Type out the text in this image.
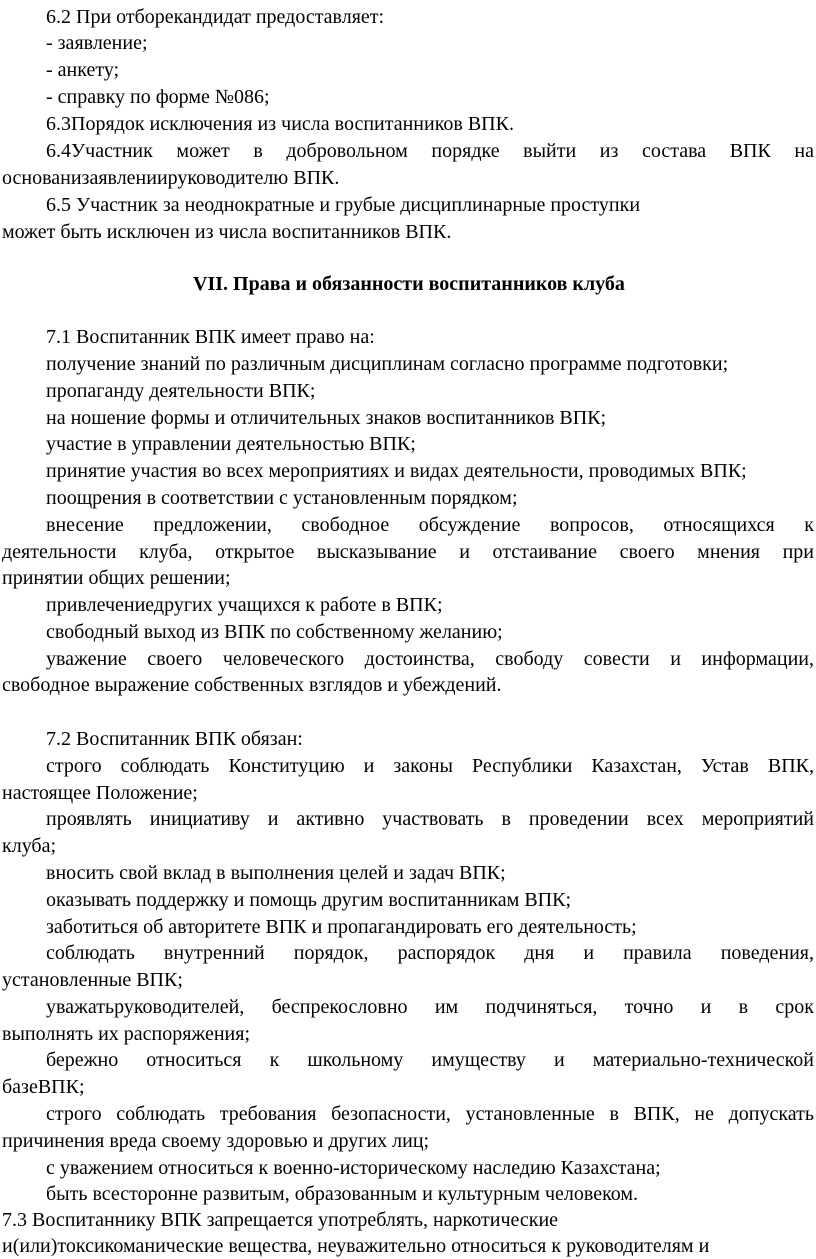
6.2 При отборекандидат предоставляет:

- заявление;

- анкету;

- справку по форме №086;

6.3Порядок исключения из числа воспитанников ВПК.

6.4Участник может в добровольном порядке выйти из состава ВПК на

основанизаявлениируководителю ВПК.

6.5 Участник за неоднократные и грубые дисциплинарные проступки

может быть исключен из числа воспитанников ВПК.

VII. Права и обязанности воспитанников клуба

7.1 Воспитанник ВПК имеет право на:

получение знаний по различным дисциплинам согласно программе подготовки;

пропаганду деятельности ВПК;

на ношение формы и отличительных знаков воспитанников ВПК;

участие в управлении деятельностью ВПК;

принятие участия во всех мероприятиях и видах деятельности, проводимых ВПК;

поощрения в соответствии с установленным порядком;

внесение предложении, свободное обсуждение вопросов, относящихся к

деятельности клуба, открытое высказывание и отстаивание своего мнения при

принятии общих решении;

привлечениедругих учащихся к работе в ВПК;

свободный выход из ВПК по собственному желанию;

уважение своего человеческого достоинства, свободу совести и информации,

свободное выражение собственных взглядов и убеждений.

7.2 Воспитанник ВПК обязан:

строго соблюдать Конституцию и законы Республики Казахстан, Устав ВПК,

настоящее Положение;

проявлять инициативу и активно участвовать в проведении всех мероприятий

клуба;

вносить свой вклад в выполнения целей и задач ВПК;

оказывать поддержку и помощь другим воспитанникам ВПК;

заботиться об авторитете ВПК и пропагандировать его деятельность;

соблюдать внутренний порядок, распорядок дня и правила поведения,

установленные ВПК;

уважатьруководителей, беспрекословно им подчиняться, точно и в срок

выполнять их распоряжения;

бережно относиться к школьному имуществу и материально-технической

базеВПК;

строго соблюдать требования безопасности, установленные в ВПК, не допускать

причинения вреда своему здоровью и других лиц;

с уважением относиться к военно-историческому наследию Казахстана;

быть всесторонне развитым, образованным и культурным человеком.

7.3 Воспитаннику ВПК запрещается употреблять, наркотические

и(или)токсикоманические вещества, неуважительно относиться к руководителям и
